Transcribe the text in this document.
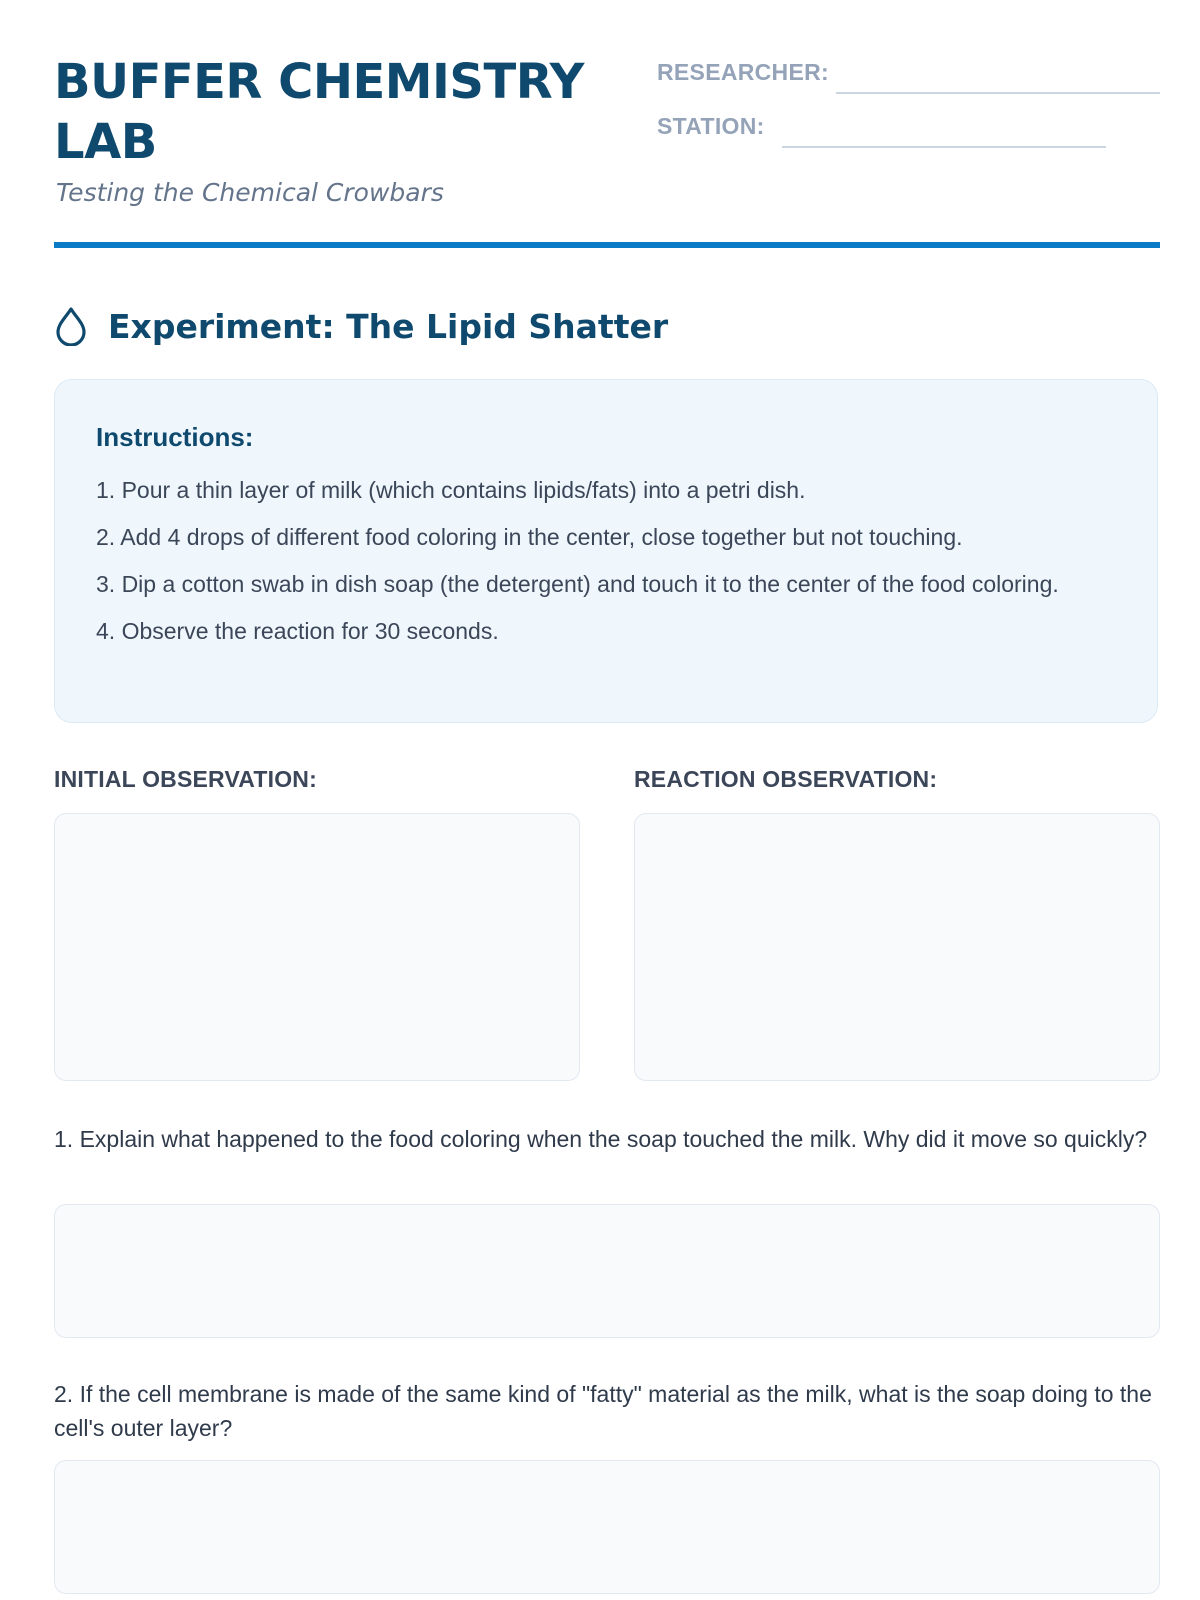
BUFFER CHEMISTRY LAB
Testing the Chemical Crowbars
RESEARCHER:
STATION:
Experiment: The Lipid Shatter
Instructions:
1. Pour a thin layer of milk (which contains lipids/fats) into a petri dish.
2. Add 4 drops of different food coloring in the center, close together but not touching.
3. Dip a cotton swab in dish soap (the detergent) and touch it to the center of the food coloring.
4. Observe the reaction for 30 seconds.
INITIAL OBSERVATION:	REACTION OBSERVATION:

1. Explain what happened to the food coloring when the soap touched the milk. Why did it move so quickly?

2. If the cell membrane is made of the same kind of "fatty" material as the milk, what is the soap doing to the cell's outer layer?
